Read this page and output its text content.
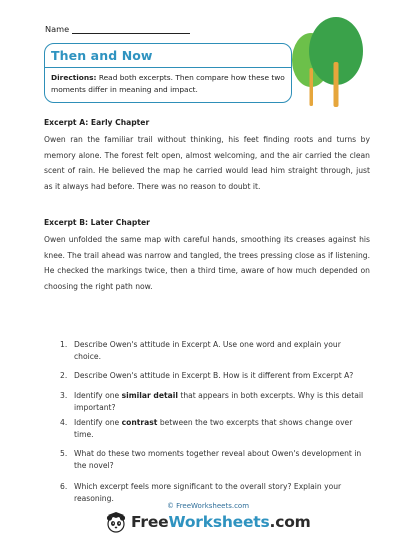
Name
Then and Now
Directions: Read both excerpts. Then compare how these two moments differ in meaning and impact.
Excerpt A: Early Chapter
Owen ran the familiar trail without thinking, his feet finding roots and turns by memory alone. The forest felt open, almost welcoming, and the air carried the clean scent of rain. He believed the map he carried would lead him straight through, just as it always had before. There was no reason to doubt it.
Excerpt B: Later Chapter
Owen unfolded the same map with careful hands, smoothing its creases against his knee. The trail ahead was narrow and tangled, the trees pressing close as if listening. He checked the markings twice, then a third time, aware of how much depended on choosing the right path now.
1. Describe Owen's attitude in Excerpt A. Use one word and explain your choice.
2. Describe Owen's attitude in Excerpt B. How is it different from Excerpt A?
3. Identify one similar detail that appears in both excerpts. Why is this detail important?
4. Identify one contrast between the two excerpts that shows change over time.
5. What do these two moments together reveal about Owen's development in the novel?
6. Which excerpt feels more significant to the overall story? Explain your reasoning.
© FreeWorksheets.com
FreeWorksheets.com
